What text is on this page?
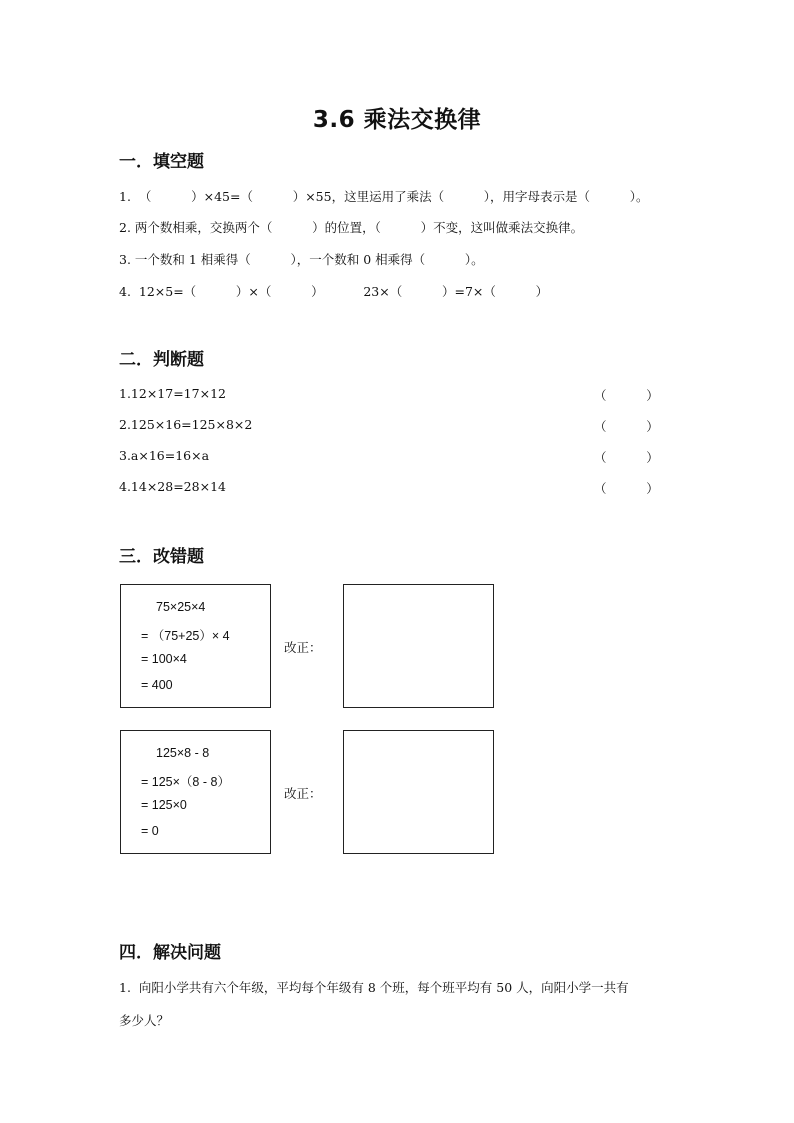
3.6 乘法交换律
一．填空题
1.  （          ）×45=（          ）×55，这里运用了乘法（          ），用字母表示是（          ）。
2. 两个数相乘，交换两个（          ）的位置，（          ）不变，这叫做乘法交换律。
3. 一个数和 1 相乘得（          ），一个数和 0 相乘得（          ）。
4.  12×5=（          ）×（          ）          23×（          ）=7×（          ）
二．判断题
1.12×17=17×12	（          ）
2.125×16=125×8×2	（          ）
3.a×16=16×a	（          ）
4.14×28=28×14	（          ）
三．改错题
75×25×4
= （75+25）× 4
= 100×4
= 400
改正：
125×8 - 8
= 125×（8 - 8）
= 125×0
= 0
改正：
四．解决问题
1.  向阳小学共有六个年级，平均每个年级有 8 个班，每个班平均有 50 人，向阳小学一共有
多少人？
